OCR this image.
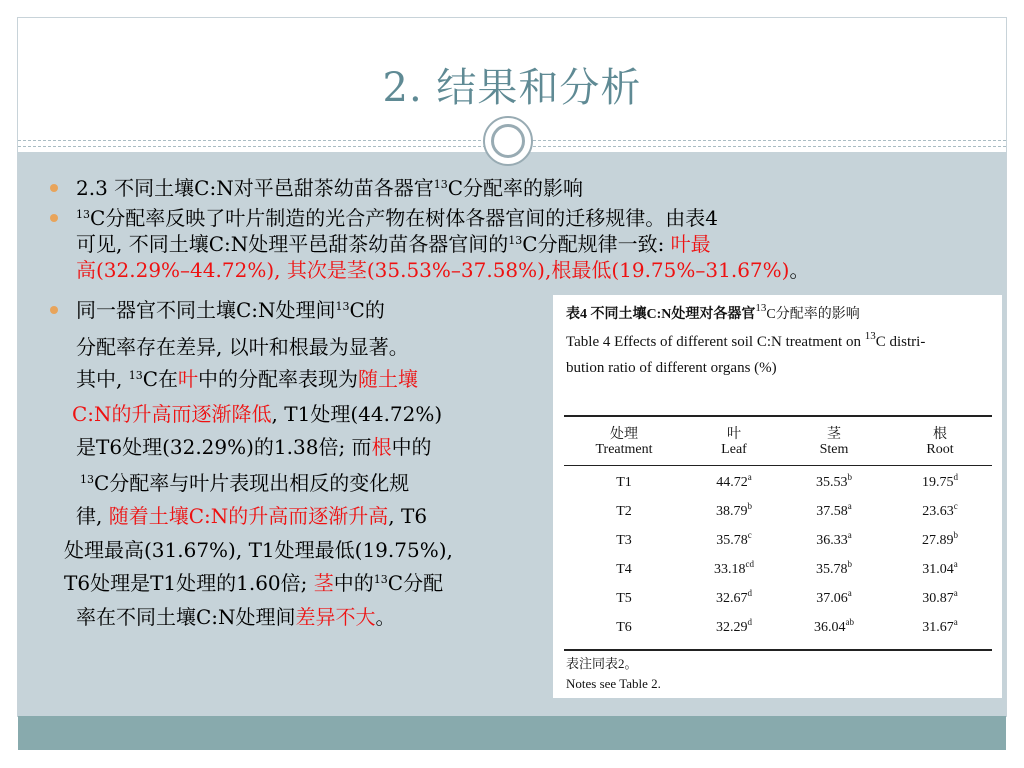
2. 结果和分析
2.3 不同土壤C:N对平邑甜茶幼苗各器官$^{13}$C分配率的影响
$^{13}$C分配率反映了叶片制造的光合产物在树体各器官间的迁移规律。由表4
可见, 不同土壤C:N处理平邑甜茶幼苗各器官间的$^{13}$C分配规律一致: 叶最
高(32.29%–44.72%), 其次是茎(35.53%–37.58%),根最低(19.75%–31.67%)。
同一器官不同土壤C:N处理间$^{13}$C的
分配率存在差异, 以叶和根最为显著。
其中, $^{13}$C在叶中的分配率表现为随土壤
C:N的升高而逐渐降低, T1处理(44.72%)
是T6处理(32.29%)的1.38倍; 而根中的
$^{13}$C分配率与叶片表现出相反的变化规
律, 随着土壤C:N的升高而逐渐升高, T6
处理最高(31.67%), T1处理最低(19.75%),
T6处理是T1处理的1.60倍; 茎中的$^{13}$C分配
率在不同土壤C:N处理间差异不大。
表4 不同土壤C:N处理对各器官$^{13}$C分配率的影响
Table 4 Effects of different soil C:N treatment on $^{13}$C distri-
bution ratio of different organs (%)
处理	叶	茎	根
Treatment	Leaf	Stem	Root
T1	44.72$^a$	35.53$^b$	19.75$^d$
T2	38.79$^b$	37.58$^a$	23.63$^c$
T3	35.78$^c$	36.33$^a$	27.89$^b$
T4	33.18$^{cd}$	35.78$^b$	31.04$^a$
T5	32.67$^d$	37.06$^a$	30.87$^a$
T6	32.29$^d$	36.04$^{ab}$	31.67$^a$
表注同表2。
Notes see Table 2.
